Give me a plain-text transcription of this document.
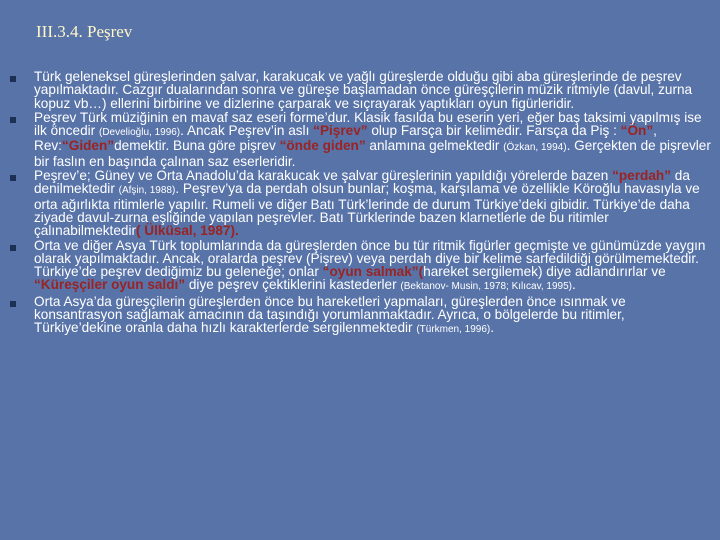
III.3.4. Peşrev
Türk geleneksel güreşlerinden şalvar, karakucak ve yağlı güreşlerde olduğu gibi aba güreşlerinde de peşrev yapılmaktadır. Cazgır dualarından sonra ve güreşe başlamadan önce güreşçilerin müzik ritmiyle (davul, zurna kopuz vb…) ellerini birbirine ve dizlerine çarparak ve sıçrayarak yaptıkları oyun figürleridir.
Peşrev Türk müziğinin en mavaf saz eseri forme’dur. Klasik fasılda bu eserin yeri, eğer baş taksimi yapılmış ise ilk öncedir (Develioğlu, 1996). Ancak Peşrev’in aslı “Pişrev” olup Farsça bir kelimedir. Farsça da Piş : “Ön”, Rev:“Giden”demektir. Buna göre pişrev “önde giden” anlamına gelmektedir (Özkan, 1994). Gerçekten de pişrevler bir faslın en başında çalınan saz eserleridir.
Peşrev’e; Güney ve Orta Anadolu’da karakucak ve şalvar güreşlerinin yapıldığı yörelerde bazen “perdah” da denilmektedir (Afşin, 1988). Peşrev’ya da perdah olsun bunlar; koşma, karşılama ve özellikle Köroğlu havasıyla ve orta ağırlıkta ritimlerle yapılır. Rumeli ve diğer Batı Türk’lerinde de durum Türkiye’deki gibidir. Türkiye’de daha ziyade davul-zurna eşliğinde yapılan peşrevler. Batı Türklerinde bazen klarnetlerle de bu ritimler çalınabilmektedir( Ülküsal, 1987).
Orta ve diğer Asya Türk toplumlarında da güreşlerden önce bu tür ritmik figürler geçmişte ve günümüzde yaygın olarak yapılmaktadır. Ancak, oralarda peşrev (Pişrev) veya perdah diye bir kelime sarfedildiği görülmemektedir. Türkiye’de peşrev dediğimiz bu geleneğe; onlar “oyun salmak”(hareket sergilemek) diye adlandırırlar ve “Küreşçiler oyun saldı” diye peşrev çektiklerini kastederler (Bektanov- Musin, 1978; Kılıcav, 1995).
Orta Asya’da güreşçilerin güreşlerden önce bu hareketleri yapmaları, güreşlerden önce ısınmak ve konsantrasyon sağlamak amacının da taşındığı yorumlanmaktadır. Ayrıca, o bölgelerde bu ritimler, Türkiye’dekine oranla daha hızlı karakterlerde sergilenmektedir (Türkmen, 1996).
